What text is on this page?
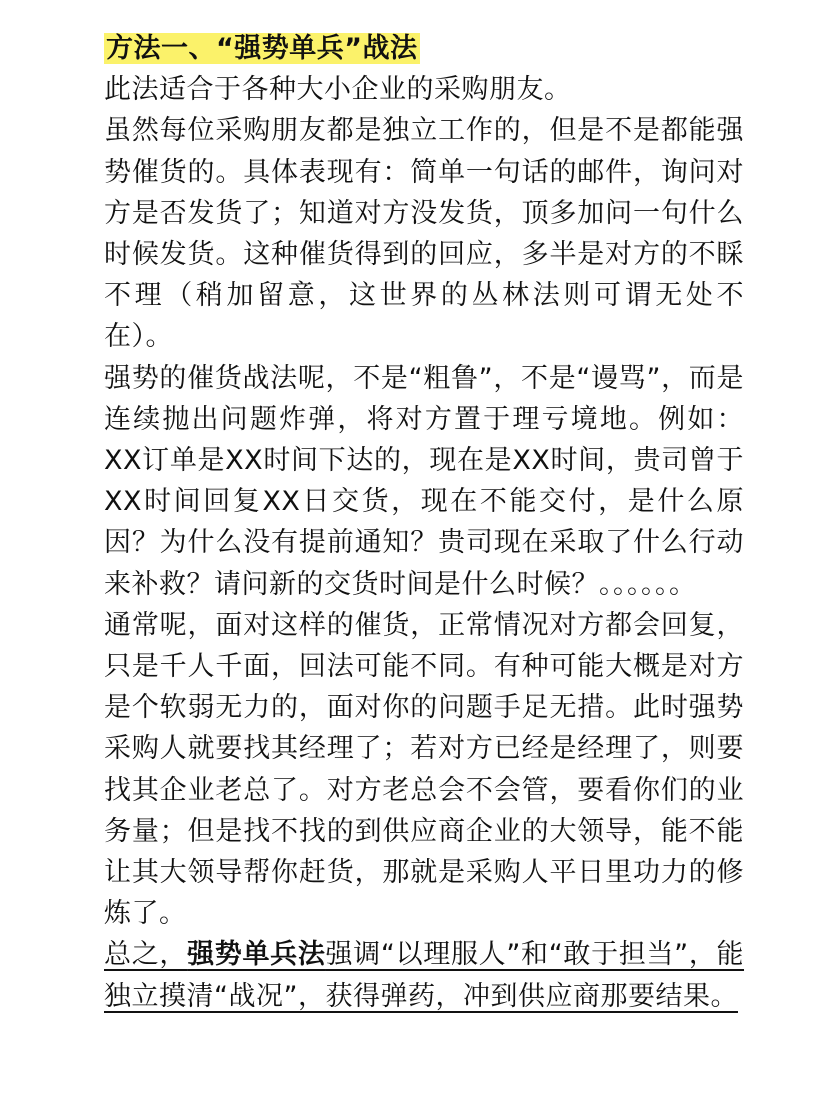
方法一、“强势单兵”战法

此法适合于各种大小企业的采购朋友。

虽然每位采购朋友都是独立工作的，但是不是都能强势催货的。具体表现有：简单一句话的邮件，询问对方是否发货了；知道对方没发货，顶多加问一句什么时候发货。这种催货得到的回应，多半是对方的不睬不理（稍加留意，这世界的丛林法则可谓无处不在）。

强势的催货战法呢，不是“粗鲁”，不是“谩骂”，而是连续抛出问题炸弹，将对方置于理亏境地。例如：XX订单是XX时间下达的，现在是XX时间，贵司曾于XX时间回复XX日交货，现在不能交付，是什么原因？为什么没有提前通知？贵司现在采取了什么行动来补救？请问新的交货时间是什么时候？。。。。。。

通常呢，面对这样的催货，正常情况对方都会回复，只是千人千面，回法可能不同。有种可能大概是对方是个软弱无力的，面对你的问题手足无措。此时强势采购人就要找其经理了；若对方已经是经理了，则要找其企业老总了。对方老总会不会管，要看你们的业务量；但是找不找的到供应商企业的大领导，能不能让其大领导帮你赶货，那就是采购人平日里功力的修炼了。

总之，强势单兵法强调“以理服人”和“敢于担当”，能独立摸清“战况”，获得弹药，冲到供应商那要结果。
